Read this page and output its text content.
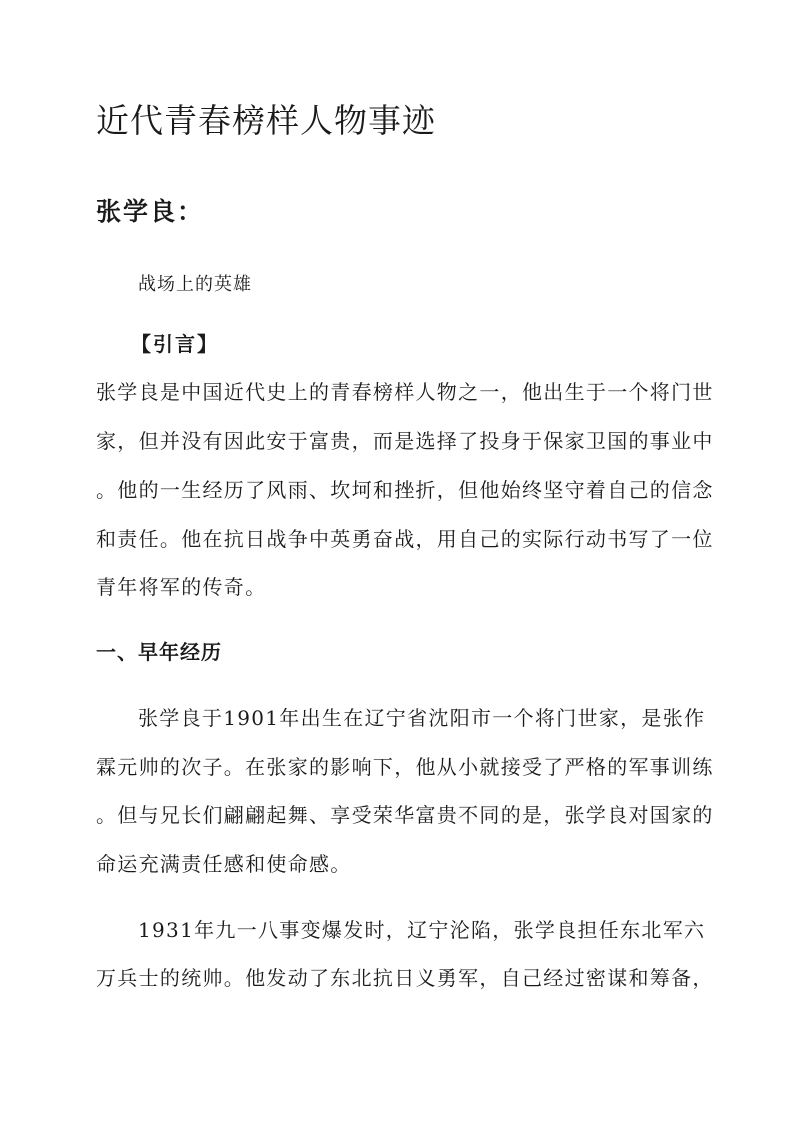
近代青春榜样人物事迹
张学良：
战场上的英雄
【引言】
张学良是中国近代史上的青春榜样人物之一，他出生于一个将门世
家，但并没有因此安于富贵，而是选择了投身于保家卫国的事业中
。他的一生经历了风雨、坎坷和挫折，但他始终坚守着自己的信念
和责任。他在抗日战争中英勇奋战，用自己的实际行动书写了一位
青年将军的传奇。
一、早年经历
张学良于1901年出生在辽宁省沈阳市一个将门世家，是张作
霖元帅的次子。在张家的影响下，他从小就接受了严格的军事训练
。但与兄长们翩翩起舞、享受荣华富贵不同的是，张学良对国家的
命运充满责任感和使命感。
1931年九一八事变爆发时，辽宁沦陷，张学良担任东北军六
万兵士的统帅。他发动了东北抗日义勇军，自己经过密谋和筹备，
